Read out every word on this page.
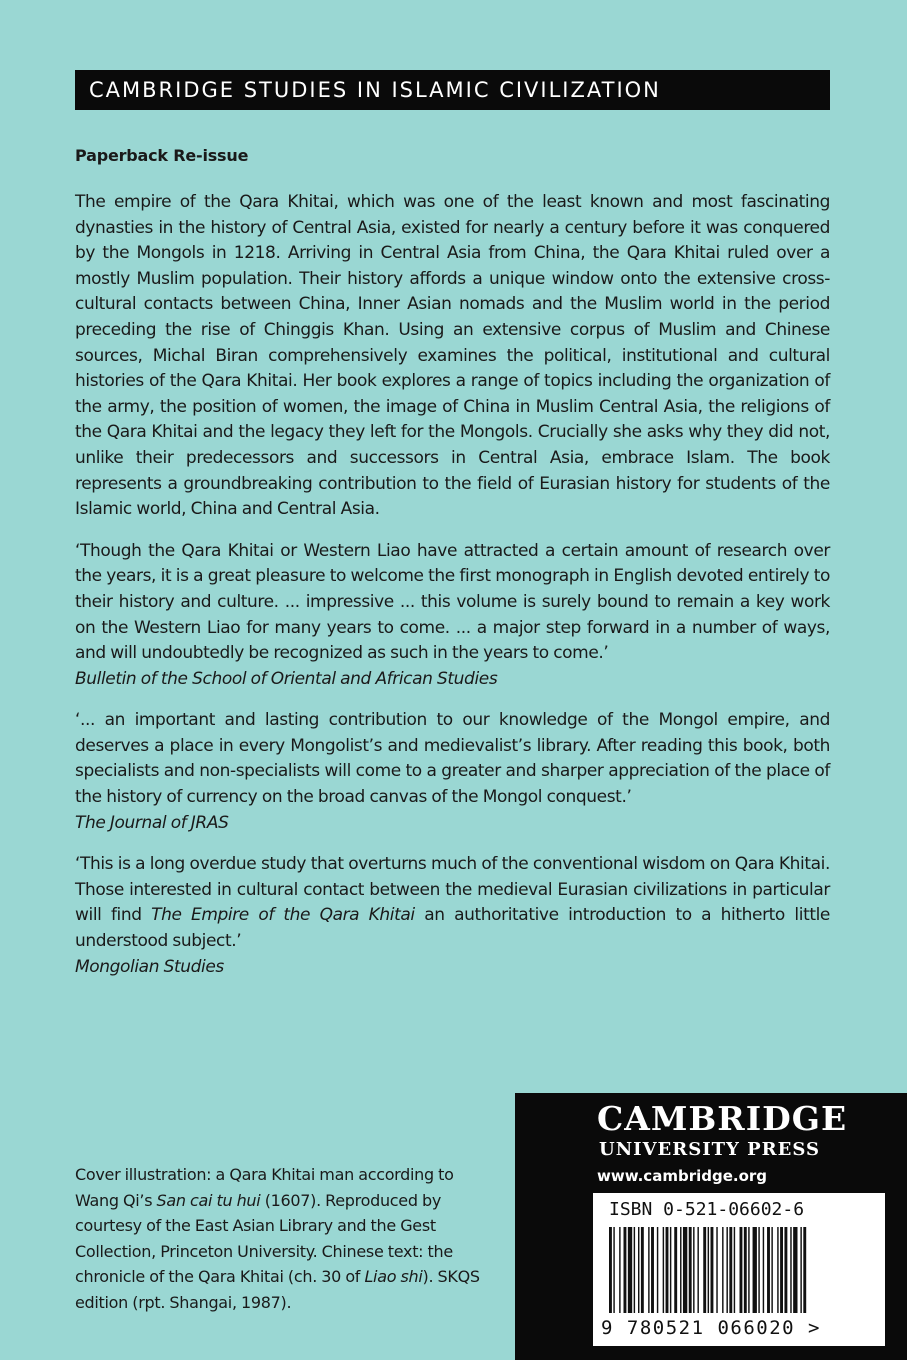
CAMBRIDGE STUDIES IN ISLAMIC CIVILIZATION
Paperback Re-issue

The empire of the Qara Khitai, which was one of the least known and most fascinating dynasties in the history of Central Asia, existed for nearly a century before it was conquered by the Mongols in 1218. Arriving in Central Asia from China, the Qara Khitai ruled over a mostly Muslim population. Their history affords a unique window onto the extensive cross-cultural contacts between China, Inner Asian nomads and the Muslim world in the period preceding the rise of Chinggis Khan. Using an extensive corpus of Muslim and Chinese sources, Michal Biran comprehensively examines the political, institutional and cultural histories of the Qara Khitai. Her book explores a range of topics including the organization of the army, the position of women, the image of China in Muslim Central Asia, the religions of the Qara Khitai and the legacy they left for the Mongols. Crucially she asks why they did not, unlike their predecessors and successors in Central Asia, embrace Islam. The book represents a groundbreaking contribution to the field of Eurasian history for students of the Islamic world, China and Central Asia.

‘Though the Qara Khitai or Western Liao have attracted a certain amount of research over the years, it is a great pleasure to welcome the first monograph in English devoted entirely to their history and culture. ... impressive ... this volume is surely bound to remain a key work on the Western Liao for many years to come. ... a major step forward in a number of ways, and will undoubtedly be recognized as such in the years to come.’
Bulletin of the School of Oriental and African Studies

‘... an important and lasting contribution to our knowledge of the Mongol empire, and deserves a place in every Mongolist’s and medievalist’s library. After reading this book, both specialists and non-specialists will come to a greater and sharper appreciation of the place of the history of currency on the broad canvas of the Mongol conquest.’
The Journal of JRAS

‘This is a long overdue study that overturns much of the conventional wisdom on Qara Khitai. Those interested in cultural contact between the medieval Eurasian civilizations in particular will find The Empire of the Qara Khitai an authoritative introduction to a hitherto little understood subject.’
Mongolian Studies

Cover illustration: a Qara Khitai man according to Wang Qi’s San cai tu hui (1607). Reproduced by courtesy of the East Asian Library and the Gest Collection, Princeton University. Chinese text: the chronicle of the Qara Khitai (ch. 30 of Liao shi). SKQS edition (rpt. Shangai, 1987).
CAMBRIDGE
UNIVERSITY PRESS
www.cambridge.org
ISBN 0-521-06602-6
9 780521 066020 >
